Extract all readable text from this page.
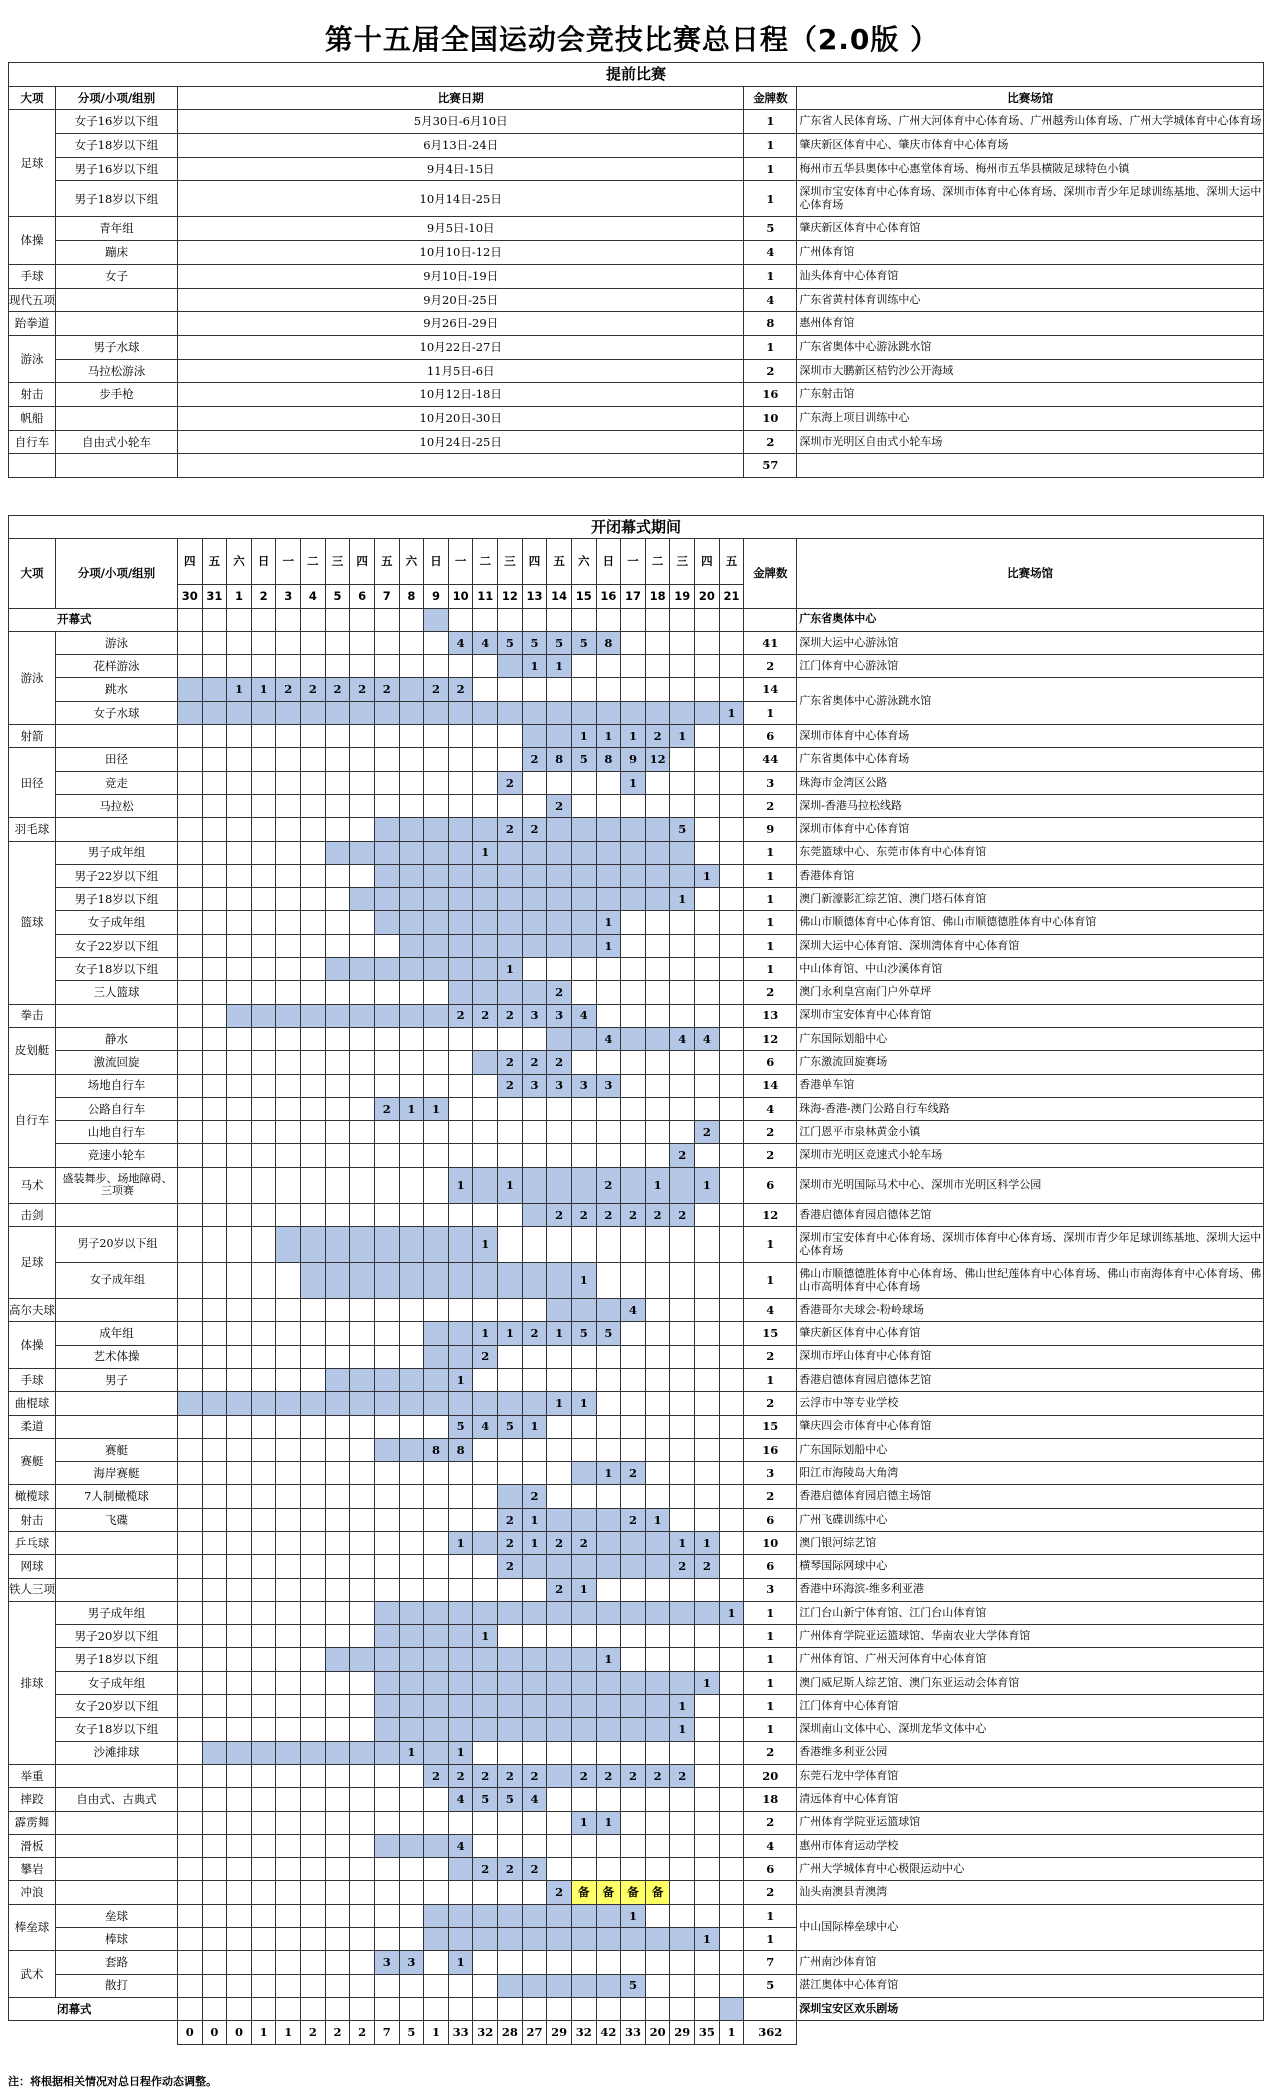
第十五届全国运动会竞技比赛总日程（2.0版 ）
提前比赛				
大项	分项/小项/组别	比赛日期	金牌数	比赛场馆
足球	女子16岁以下组	5月30日-6月10日	1	广东省人民体育场、广州大河体育中心体育场、广州越秀山体育场、广州大学城体育中心体育场
	女子18岁以下组	6月13日-24日	1	肇庆新区体育中心、肇庆市体育中心体育场
	男子16岁以下组	9月4日-15日	1	梅州市五华县奥体中心惠堂体育场、梅州市五华县横陂足球特色小镇
	男子18岁以下组	10月14日-25日	1	深圳市宝安体育中心体育场、深圳市体育中心体育场、深圳市青少年足球训练基地、深圳大运中心体育场
体操	青年组	9月5日-10日	5	肇庆新区体育中心体育馆
	蹦床	10月10日-12日	4	广州体育馆
手球	女子	9月10日-19日	1	汕头体育中心体育馆
现代五项		9月20日-25日	4	广东省黄村体育训练中心
跆拳道		9月26日-29日	8	惠州体育馆
游泳	男子水球	10月22日-27日	1	广东省奥体中心游泳跳水馆
	马拉松游泳	11月5日-6日	2	深圳市大鹏新区桔钓沙公开海域
射击	步手枪	10月12日-18日	16	广东射击馆
帆船		10月20日-30日	10	广东海上项目训练中心
自行车	自由式小轮车	10月24日-25日	2	深圳市光明区自由式小轮车场
			57	
开闭幕式期间																										
大项	分项/小项/组别	四	五	六	日	一	二	三	四	五	六	日	一	二	三	四	五	六	日	一	二	三	四	五	金牌数	比赛场馆
		30	31	1	2	3	4	5	6	7	8	9	10	11	12	13	14	15	16	17	18	19	20	21		
开幕式																										广东省奥体中心
游泳	游泳												4	4	5	5	5	5	8						41	深圳大运中心游泳馆
	花样游泳															1	1								2	江门体育中心游泳馆
	跳水			1	1	2	2	2	2	2		2	2												14	广东省奥体中心游泳跳水馆
	女子水球																							1	1	
射箭																		1	1	1	2	1			6	深圳市体育中心体育场
田径	田径															2	8	5	8	9	12				44	广东省奥体中心体育场
	竞走														2					1					3	珠海市金湾区公路
	马拉松																2								2	深圳-香港马拉松线路
羽毛球															2	2						5			9	深圳市体育中心体育馆
篮球	男子成年组													1											1	东莞篮球中心、东莞市体育中心体育馆
	男子22岁以下组																						1		1	香港体育馆
	男子18岁以下组																					1			1	澳门新濠影汇综艺馆、澳门塔石体育馆
	女子成年组																		1						1	佛山市顺德体育中心体育馆、佛山市顺德德胜体育中心体育馆
	女子22岁以下组																		1						1	深圳大运中心体育馆、深圳湾体育中心体育馆
	女子18岁以下组														1										1	中山体育馆、中山沙溪体育馆
	三人篮球																2								2	澳门永利皇宫南门户外草坪
拳击													2	2	2	3	3	4							13	深圳市宝安体育中心体育馆
皮划艇	静水																		4			4	4		12	广东国际划船中心
	激流回旋														2	2	2								6	广东激流回旋赛场
自行车	场地自行车														2	3	3	3	3						14	香港单车馆
	公路自行车									2	1	1													4	珠海-香港-澳门公路自行车线路
	山地自行车																						2		2	江门恩平市泉林黄金小镇
	竞速小轮车																					2			2	深圳市光明区竞速式小轮车场
马术	盛装舞步、场地障碍、三项赛												1		1				2		1		1		6	深圳市光明国际马术中心、深圳市光明区科学公园
击剑																	2	2	2	2	2	2			12	香港启德体育园启德体艺馆
足球	男子20岁以下组													1											1	深圳市宝安体育中心体育场、深圳市体育中心体育场、深圳市青少年足球训练基地、深圳大运中心体育场
	女子成年组																	1							1	佛山市顺德德胜体育中心体育场、佛山世纪莲体育中心体育场、佛山市南海体育中心体育场、佛山市高明体育中心体育场
高尔夫球																				4					4	香港哥尔夫球会-粉岭球场
体操	成年组													1	1	2	1	5	5						15	肇庆新区体育中心体育馆
	艺术体操													2											2	深圳市坪山体育中心体育馆
手球	男子												1												1	香港启德体育园启德体艺馆
曲棍球																	1	1							2	云浮市中等专业学校
柔道													5	4	5	1									15	肇庆四会市体育中心体育馆
赛艇	赛艇											8	8												16	广东国际划船中心
	海岸赛艇																		1	2					3	阳江市海陵岛大角湾
橄榄球	7人制橄榄球															2									2	香港启德体育园启德主场馆
射击	飞碟														2	1				2	1				6	广州飞碟训练中心
乒乓球													1		2	1	2	2				1	1		10	澳门银河综艺馆
网球															2							2	2		6	横琴国际网球中心
铁人三项																	2	1							3	香港中环海滨-维多利亚港
排球	男子成年组																							1	1	江门台山新宁体育馆、江门台山体育馆
	男子20岁以下组													1											1	广州体育学院亚运篮球馆、华南农业大学体育馆
	男子18岁以下组																		1						1	广州体育馆、广州天河体育中心体育馆
	女子成年组																						1		1	澳门威尼斯人综艺馆、澳门东亚运动会体育馆
	女子20岁以下组																					1			1	江门体育中心体育馆
	女子18岁以下组																					1			1	深圳南山文体中心、深圳龙华文体中心
	沙滩排球										1		1												2	香港维多利亚公园
举重												2	2	2	2	2		2	2	2	2	2			20	东莞石龙中学体育馆
摔跤	自由式、古典式												4	5	5	4									18	清远体育中心体育馆
霹雳舞																		1	1						2	广州体育学院亚运篮球馆
滑板													4												4	惠州市体育运动学校
攀岩														2	2	2									6	广州大学城体育中心极限运动中心
冲浪																	2	备	备	备	备				2	汕头南澳县青澳湾
棒垒球	垒球																			1					1	中山国际棒垒球中心
	棒球																						1		1	
武术	套路									3	3		1												7	广州南沙体育馆
	散打																			5					5	湛江奥体中心体育馆
闭幕式																										深圳宝安区欢乐剧场
		0	0	0	1	1	2	2	2	7	5	1	33	32	28	27	29	32	42	33	20	29	35	1	362	
注：将根据相关情况对总日程作动态调整。
